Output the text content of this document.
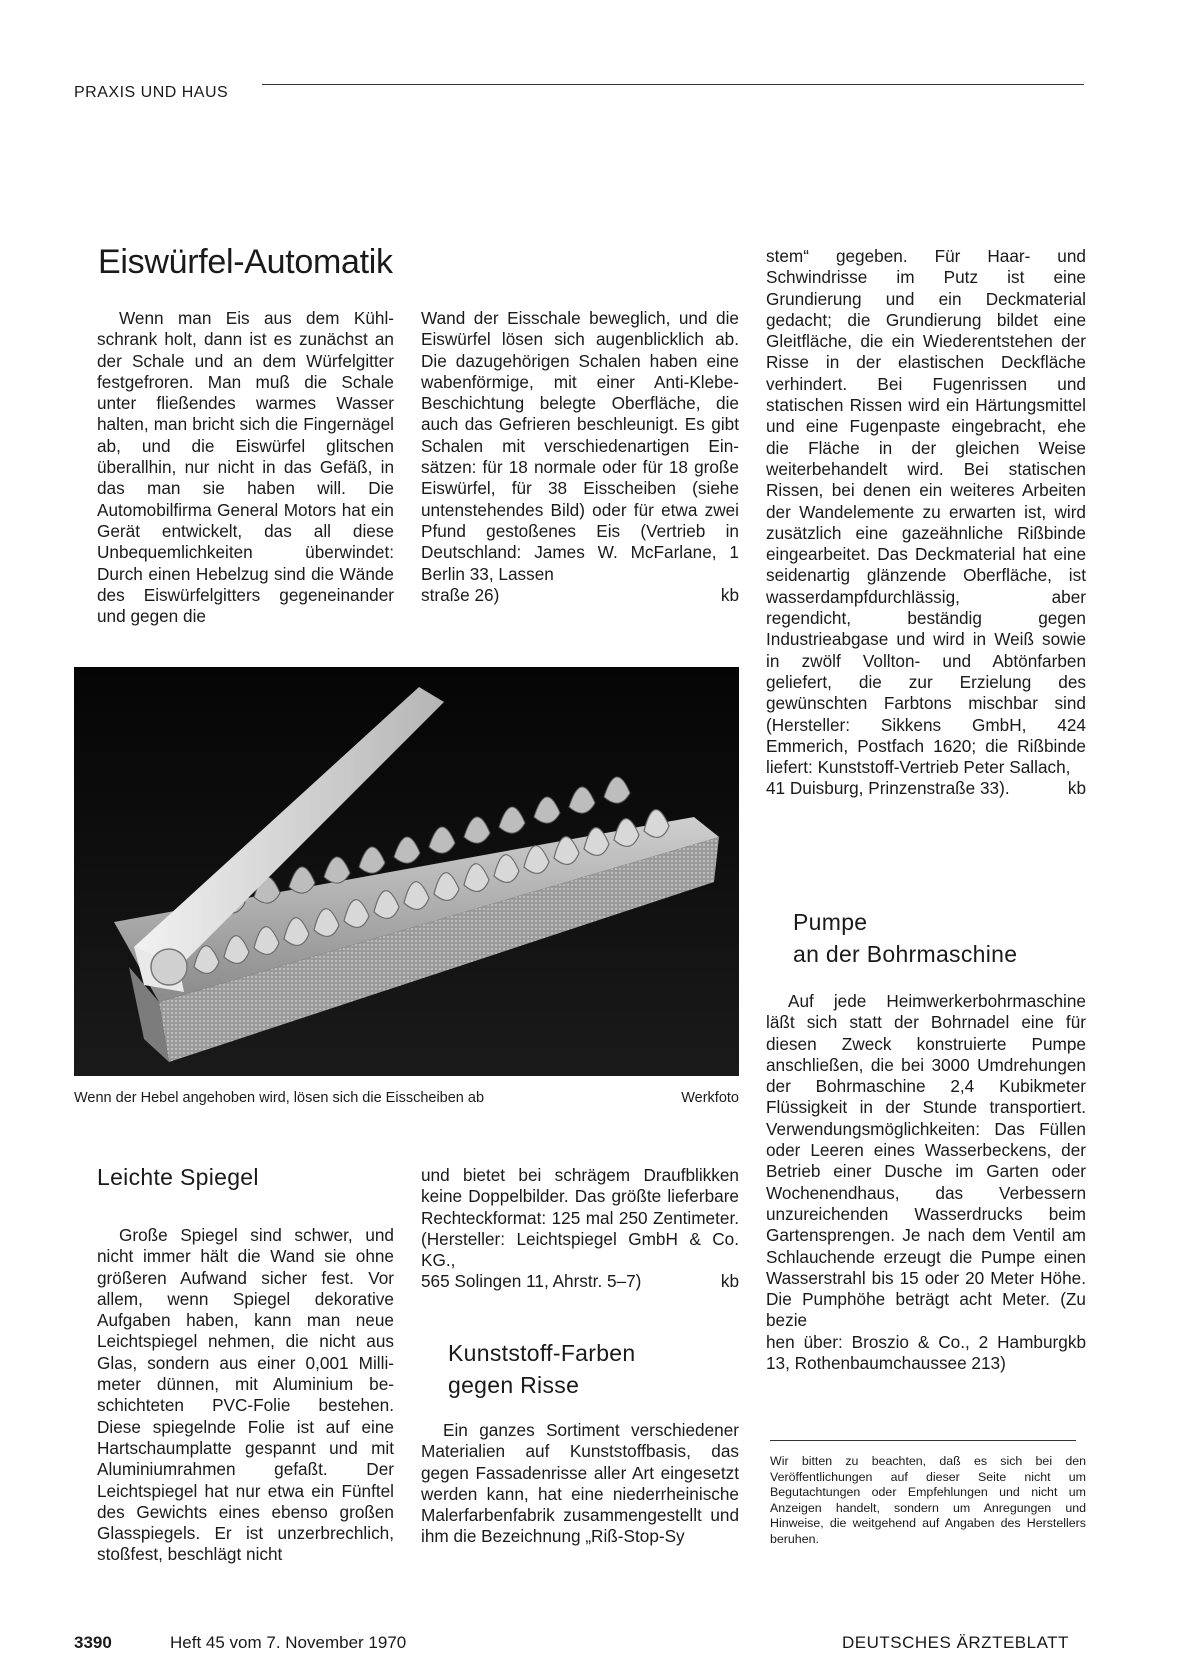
PRAXIS UND HAUS
Eiswürfel-Automatik

Wenn man Eis aus dem Kühlschrank holt, dann ist es zunächst an der Schale und an dem Würfelgitter festgefroren. Man muß die Schale unter fließendes warmes Wasser halten, man bricht sich die Fingernägel ab, und die Eiswürfel glitschen überallhin, nur nicht in das Gefäß, in das man sie haben will. Die Automobilfirma General Motors hat ein Gerät entwickelt, das all diese Unbequemlichkeiten überwindet: Durch einen Hebelzug sind die Wände des Eiswürfelgitters gegeneinander und gegen die

Wand der Eisschale beweglich, und die Eiswürfel lösen sich augenblicklich ab. Die dazugehörigen Schalen haben eine wabenförmige, mit einer Anti-Klebe-Beschichtung belegte Oberfläche, die auch das Gefrieren beschleunigt. Es gibt Schalen mit verschiedenartigen Einsätzen: für 18 normale oder für 18 große Eiswürfel, für 38 Eisscheiben (siehe untenstehendes Bild) oder für etwa zwei Pfund gestoßenes Eis (Vertrieb in Deutschland: James W. McFarlane, 1 Berlin 33, Lassen

straße 26)	kb
Wenn der Hebel angehoben wird, lösen sich die Eisscheiben ab	Werkfoto
Leichte Spiegel

Große Spiegel sind schwer, und nicht immer hält die Wand sie ohne größeren Aufwand sicher fest. Vor allem, wenn Spiegel dekorative Aufgaben haben, kann man neue Leichtspiegel nehmen, die nicht aus Glas, sondern aus einer 0,001 Millimeter dünnen, mit Aluminium beschichteten PVC-Folie bestehen. Diese spiegelnde Folie ist auf eine Hartschaumplatte gespannt und mit Aluminiumrahmen gefaßt. Der Leichtspiegel hat nur etwa ein Fünftel des Gewichts eines ebenso großen Glasspiegels. Er ist unzerbrechlich, stoßfest, beschlägt nicht

und bietet bei schrägem Draufblikken keine Doppelbilder. Das größte lieferbare Rechteckformat: 125 mal 250 Zentimeter. (Hersteller: Leichtspiegel GmbH & Co. KG.,

565 Solingen 11, Ahrstr. 5–7)	kb
Kunststoff-Farben
gegen Risse

Ein ganzes Sortiment verschiedener Materialien auf Kunststoffbasis, das gegen Fassadenrisse aller Art eingesetzt werden kann, hat eine niederrheinische Malerfarbenfabrik zusammengestellt und ihm die Bezeichnung „Riß-Stop-Sy

stem“ gegeben. Für Haar- und Schwindrisse im Putz ist eine Grundierung und ein Deckmaterial gedacht; die Grundierung bildet eine Gleitfläche, die ein Wiederentstehen der Risse in der elastischen Deckfläche verhindert. Bei Fugenrissen und statischen Rissen wird ein Härtungsmittel und eine Fugenpaste eingebracht, ehe die Fläche in der gleichen Weise weiterbehandelt wird. Bei statischen Rissen, bei denen ein weiteres Arbeiten der Wandelemente zu erwarten ist, wird zusätzlich eine gazeähnliche Rißbinde eingearbeitet. Das Deckmaterial hat eine seidenartig glänzende Oberfläche, ist wasserdampfdurchlässig, aber regendicht, beständig gegen Industrieabgase und wird in Weiß sowie in zwölf Vollton- und Abtönfarben geliefert, die zur Erzielung des gewünschten Farbtons mischbar sind (Hersteller: Sikkens GmbH, 424 Emmerich, Postfach 1620; die Rißbinde liefert: Kunststoff-Vertrieb Peter Sallach,

41 Duisburg, Prinzenstraße 33).	kb
Pumpe
an der Bohrmaschine

Auf jede Heimwerkerbohrmaschine läßt sich statt der Bohrnadel eine für diesen Zweck konstruierte Pumpe anschließen, die bei 3000 Umdrehungen der Bohrmaschine 2,4 Kubikmeter Flüssigkeit in der Stunde transportiert. Verwendungsmöglichkeiten: Das Füllen oder Leeren eines Wasserbeckens, der Betrieb einer Dusche im Garten oder Wochenendhaus, das Verbessern unzureichenden Wasserdrucks beim Gartensprengen. Je nach dem Ventil am Schlauchende erzeugt die Pumpe einen Wasserstrahl bis 15 oder 20 Meter Höhe. Die Pumphöhe beträgt acht Meter. (Zu bezie

hen über: Broszio & Co., 2 Hamburg 13, Rothenbaumchaussee 213)
kb
Wir bitten zu beachten, daß es sich bei den Veröffentlichungen auf dieser Seite nicht um Begutachtungen oder Empfehlungen und nicht um Anzeigen handelt, sondern um Anregungen und Hinweise, die weitgehend auf Angaben des Herstellers beruhen.
3390	Heft 45 vom 7. November 1970	DEUTSCHES ÄRZTEBLATT
